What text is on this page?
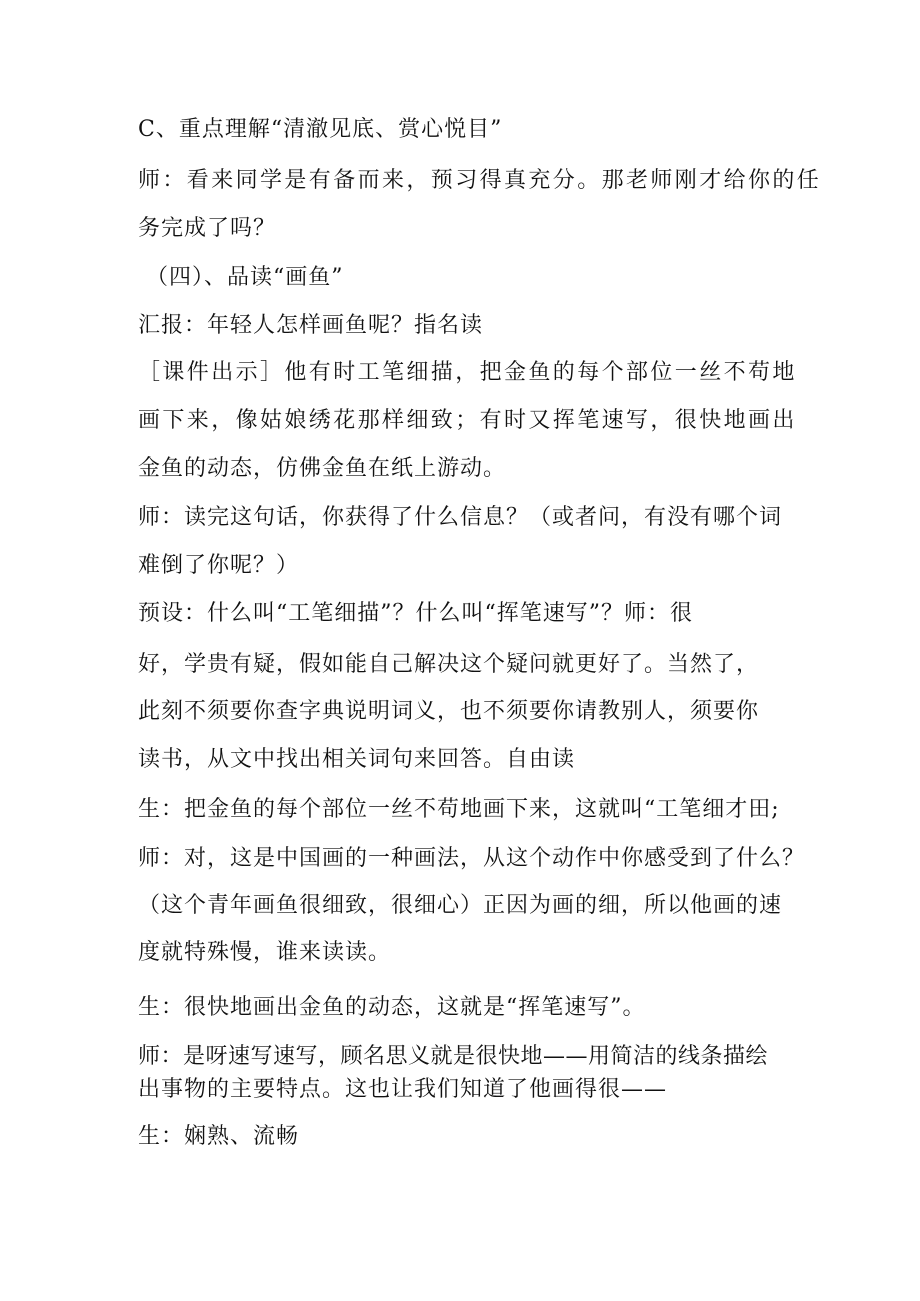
C、重点理解“清澈见底、赏心悦目”
师：看来同学是有备而来，预习得真充分。那老师刚才给你的任
务完成了吗？
（四）、品读“画鱼”
汇报：年轻人怎样画鱼呢？指名读
［课件出示］他有时工笔细描，把金鱼的每个部位一丝不苟地
画下来，像姑娘绣花那样细致；有时又挥笔速写，很快地画出
金鱼的动态，仿佛金鱼在纸上游动。
师：读完这句话，你获得了什么信息？（或者问，有没有哪个词
难倒了你呢？）
预设：什么叫“工笔细描”？什么叫“挥笔速写”？师：很
好，学贵有疑，假如能自己解决这个疑问就更好了。当然了，
此刻不须要你查字典说明词义，也不须要你请教别人，须要你
读书，从文中找出相关词句来回答。自由读
生：把金鱼的每个部位一丝不苟地画下来，这就叫“工笔细才田;
师：对，这是中国画的一种画法，从这个动作中你感受到了什么？
（这个青年画鱼很细致，很细心）正因为画的细，所以他画的速
度就特殊慢，谁来读读。
生：很快地画出金鱼的动态，这就是“挥笔速写”。
师：是呀速写速写，顾名思义就是很快地——用简洁的线条描绘
出事物的主要特点。这也让我们知道了他画得很——
生：娴熟、流畅
